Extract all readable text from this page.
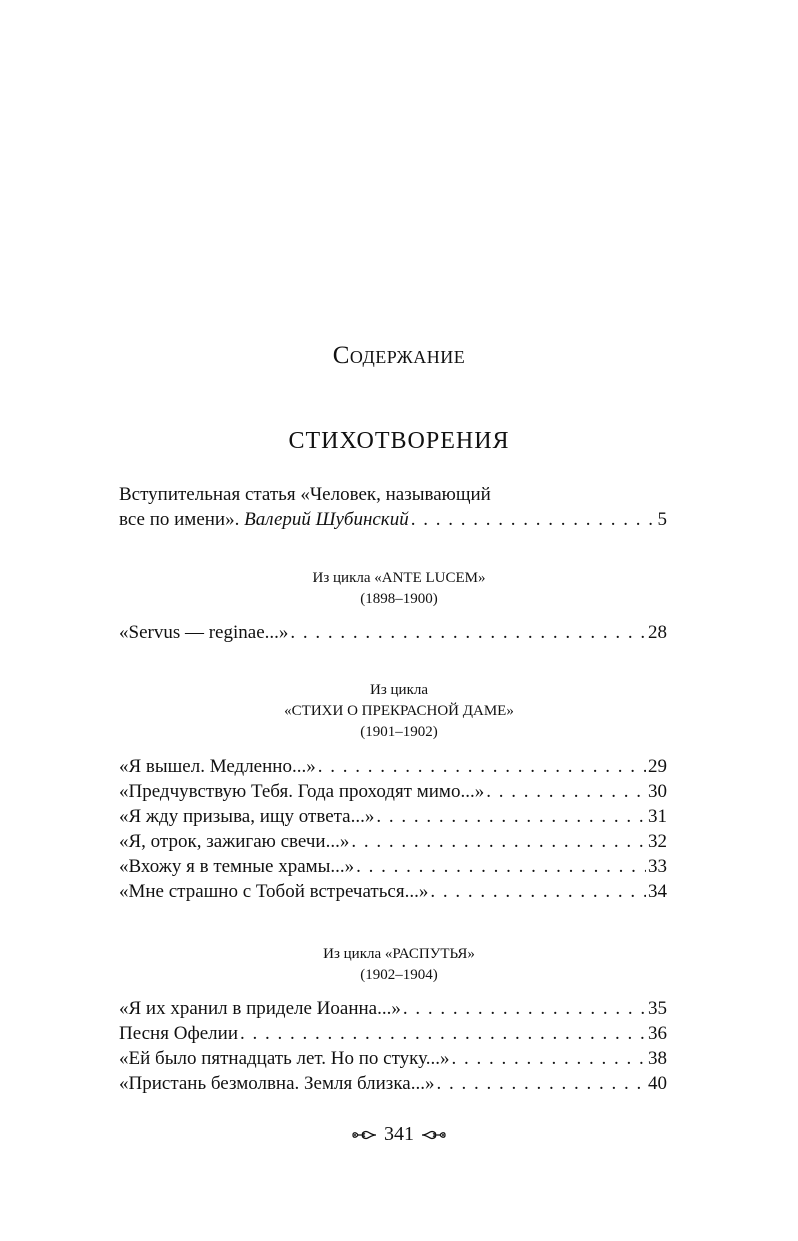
Содержание
СТИХОТВОРЕНИЯ
Вступительная статья «Человек, называющий
все по имени». Валерий Шубинский . . .	5
Из цикла «ANTE LUCEM»
(1898–1900)
«Servus — reginae...» . . .	28
Из цикла
«СТИХИ О ПРЕКРАСНОЙ ДАМЕ»
(1901–1902)
«Я вышел. Медленно...» . . .	29
«Предчувствую Тебя. Года проходят мимо...» . . .	30
«Я жду призыва, ищу ответа...» . . .	31
«Я, отрок, зажигаю свечи...» . . .	32
«Вхожу я в темные храмы...» . . .	33
«Мне страшно с Тобой встречаться...» . . .	34
Из цикла «РАСПУТЬЯ»
(1902–1904)
«Я их хранил в приделе Иоанна...» . . .	35
Песня Офелии . . .	36
«Ей было пятнадцать лет. Но по стуку...» . . .	38
«Пристань безмолвна. Земля близка...» . . .	40
341
